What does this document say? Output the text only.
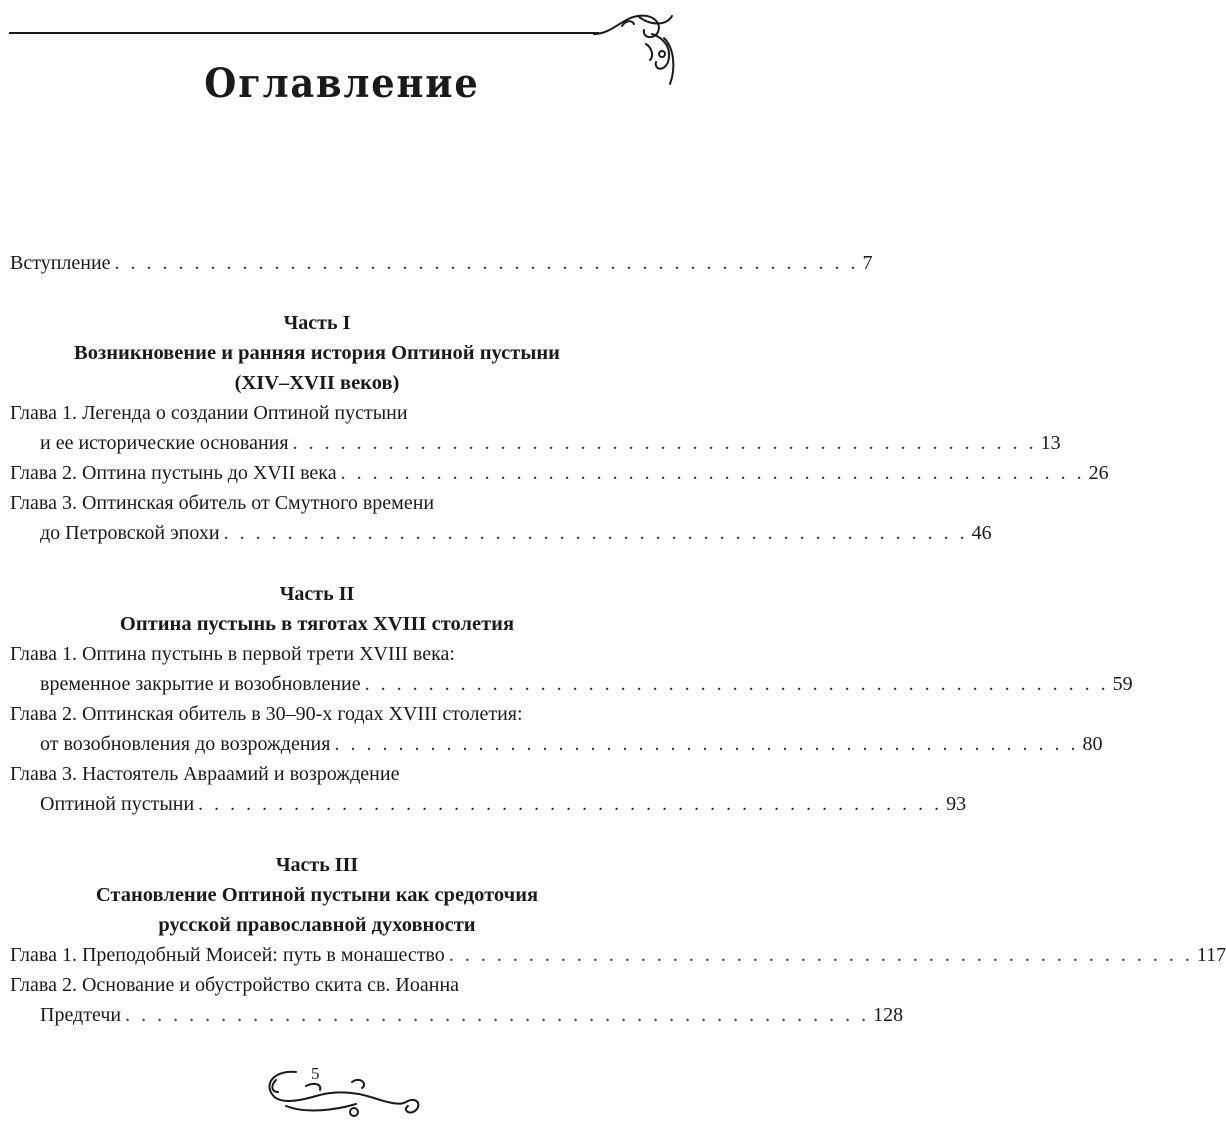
Оглавление
Вступление . . . . . . . . . . . . . . . . . . . . . . . . . . . . . . . . . . . . . . . . . . . . . . . 7
Часть I
Возникновение и ранняя история Оптиной пустыни
(XIV–XVII веков)
Глава 1. Легенда о создании Оптиной пустыни
и ее исторические основания . . . . . . . . . . . . . . . . . . . . . . . . . . . . . . . . . . . . . . . . . . . . . . . 13
Глава 2. Оптина пустынь до XVII века . . . . . . . . . . . . . . . . . . . . . . . . . . . . . . . . . . . . . . . . . . . . . . . 26
Глава 3. Оптинская обитель от Смутного времени
до Петровской эпохи . . . . . . . . . . . . . . . . . . . . . . . . . . . . . . . . . . . . . . . . . . . . . . . 46
Часть II
Оптина пустынь в тяготах XVIII столетия
Глава 1. Оптина пустынь в первой трети XVIII века:
временное закрытие и возобновление . . . . . . . . . . . . . . . . . . . . . . . . . . . . . . . . . . . . . . . . . . . . . . . 59
Глава 2. Оптинская обитель в 30–90-х годах XVIII столетия:
от возобновления до возрождения . . . . . . . . . . . . . . . . . . . . . . . . . . . . . . . . . . . . . . . . . . . . . . . 80
Глава 3. Настоятель Авраамий и возрождение
Оптиной пустыни . . . . . . . . . . . . . . . . . . . . . . . . . . . . . . . . . . . . . . . . . . . . . . . 93
Часть III
Становление Оптиной пустыни как средоточия
русской православной духовности
Глава 1. Преподобный Моисей: путь в монашество . . . . . . . . . . . . . . . . . . . . . . . . . . . . . . . . . . . . . . . . . . . . . . . 117
Глава 2. Основание и обустройство скита св. Иоанна
Предтечи . . . . . . . . . . . . . . . . . . . . . . . . . . . . . . . . . . . . . . . . . . . . . . . 128
5
